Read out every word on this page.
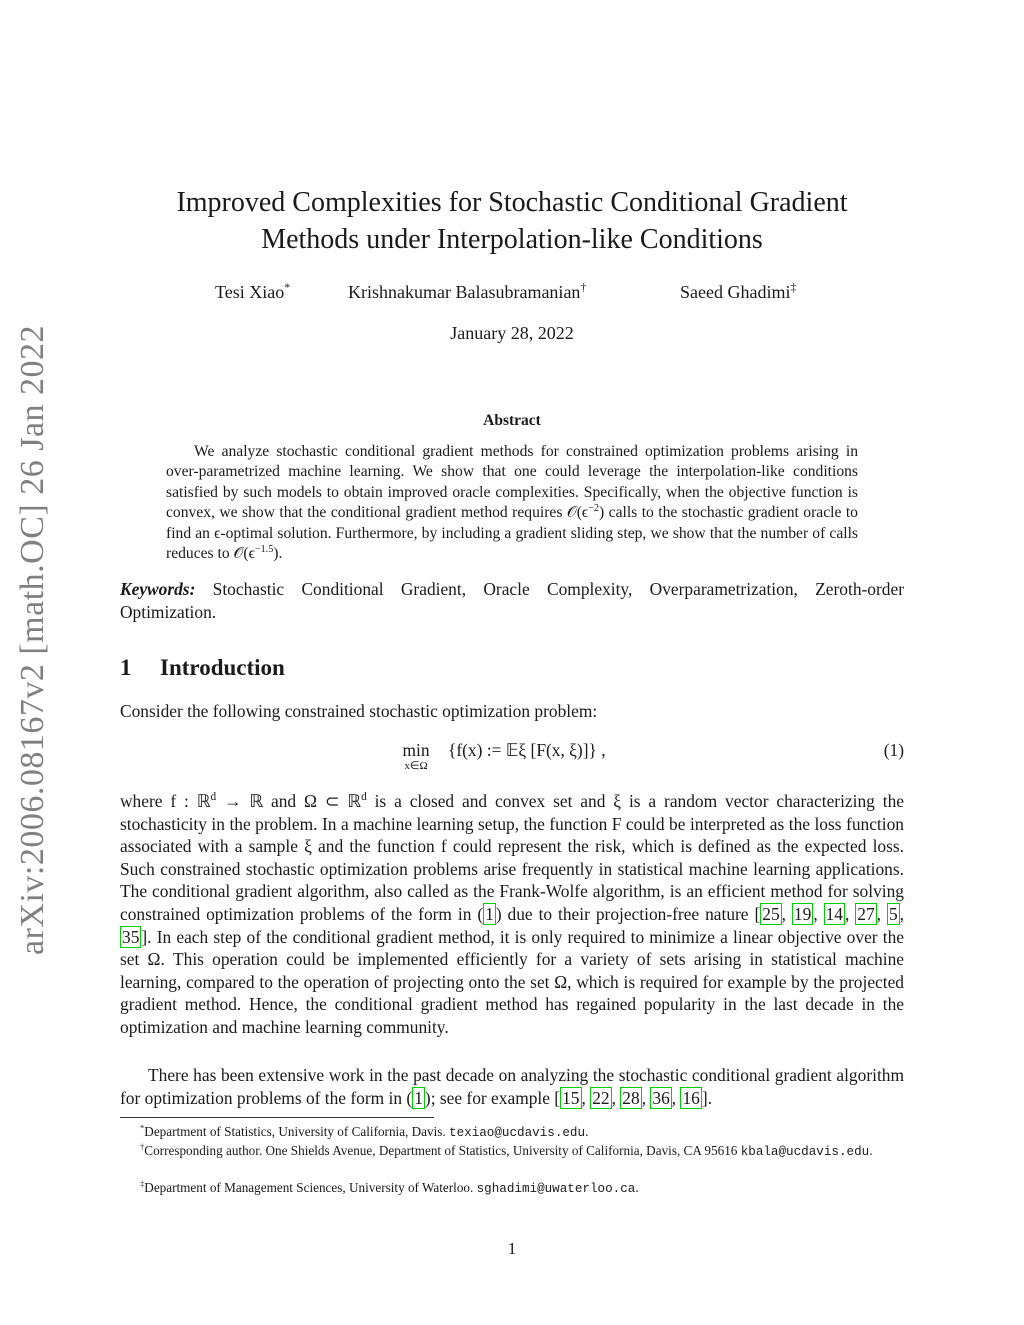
arXiv:2006.08167v2 [math.OC] 26 Jan 2022
Improved Complexities for Stochastic Conditional Gradient
Methods under Interpolation-like Conditions
Tesi Xiao*	Krishnakumar Balasubramanian†	Saeed Ghadimi‡
January 28, 2022
Abstract
We analyze stochastic conditional gradient methods for constrained optimization problems arising in over-parametrized machine learning. We show that one could leverage the interpolation-like conditions satisfied by such models to obtain improved oracle complexities. Specifically, when the objective function is convex, we show that the conditional gradient method requires $𝒪(\epsilon^{-2})$ calls to the stochastic gradient oracle to find an ϵ-optimal solution. Furthermore, by including a gradient sliding step, we show that the number of calls reduces to $𝒪(\epsilon^{-1.5})$.
Keywords: Stochastic Conditional Gradient, Oracle Complexity, Overparametrization, Zeroth-order Optimization.
1 Introduction
Consider the following constrained stochastic optimization problem:
min
x∈Ω
{f(x) := 𝔼ξ [F(x, ξ)]} ,	(1)
where f : ℝ$^d$ → ℝ and Ω ⊂ ℝ$^d$ is a closed and convex set and ξ is a random vector characterizing the stochasticity in the problem. In a machine learning setup, the function F could be interpreted as the loss function associated with a sample ξ and the function f could represent the risk, which is defined as the expected loss. Such constrained stochastic optimization problems arise frequently in statistical machine learning applications. The conditional gradient algorithm, also called as the Frank-Wolfe algorithm, is an efficient method for solving constrained optimization problems of the form in ( 1 ) due to their projection-free nature [ 25 , 19 , 14 , 27 , 5 , 35 ]. In each step of the conditional gradient method, it is only required to minimize a linear objective over the set Ω. This operation could be implemented efficiently for a variety of sets arising in statistical machine learning, compared to the operation of projecting onto the set Ω, which is required for example by the projected gradient method. Hence, the conditional gradient method has regained popularity in the last decade in the optimization and machine learning community.
There has been extensive work in the past decade on analyzing the stochastic conditional gradient algorithm for optimization problems of the form in ( 1 ); see for example [ 15 , 22 , 28 , 36 , 16 ].
*Department of Statistics, University of California, Davis. texiao@ucdavis.edu.
†Corresponding author. One Shields Avenue, Department of Statistics, University of California, Davis, CA 95616 kbala@ucdavis.edu.
‡Department of Management Sciences, University of Waterloo. sghadimi@uwaterloo.ca.
1
